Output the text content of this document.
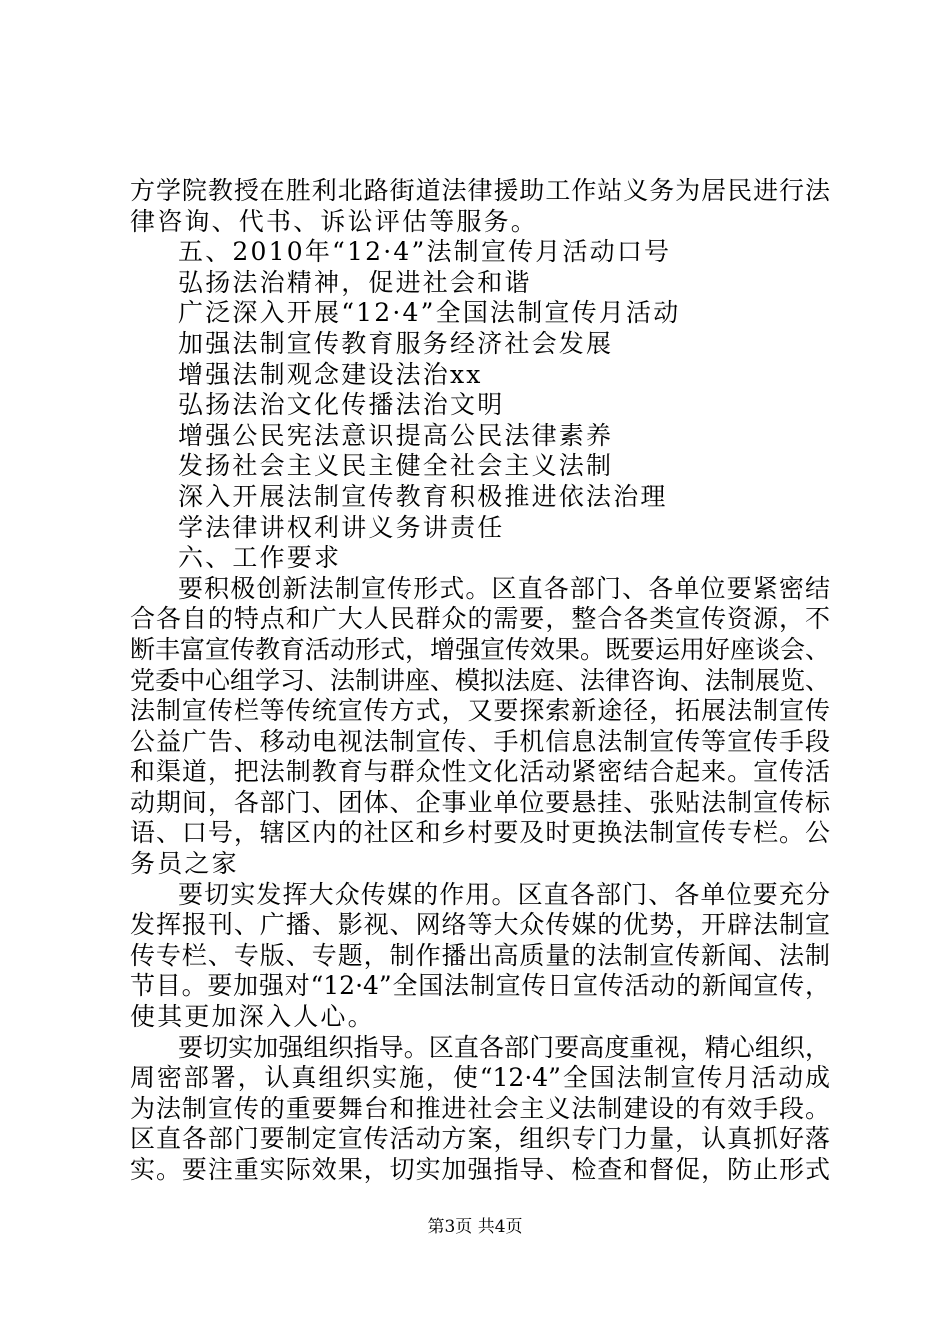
方学院教授在胜利北路街道法律援助工作站义务为居民进行法
律咨询、代书、诉讼评估等服务。
五、2010年“12·4”法制宣传月活动口号
弘扬法治精神，促进社会和谐
广泛深入开展“12·4”全国法制宣传月活动
加强法制宣传教育服务经济社会发展
增强法制观念建设法治xx
弘扬法治文化传播法治文明
增强公民宪法意识提高公民法律素养
发扬社会主义民主健全社会主义法制
深入开展法制宣传教育积极推进依法治理
学法律讲权利讲义务讲责任
六、工作要求
要积极创新法制宣传形式。区直各部门、各单位要紧密结
合各自的特点和广大人民群众的需要，整合各类宣传资源，不
断丰富宣传教育活动形式，增强宣传效果。既要运用好座谈会、
党委中心组学习、法制讲座、模拟法庭、法律咨询、法制展览、
法制宣传栏等传统宣传方式，又要探索新途径，拓展法制宣传
公益广告、移动电视法制宣传、手机信息法制宣传等宣传手段
和渠道，把法制教育与群众性文化活动紧密结合起来。宣传活
动期间，各部门、团体、企事业单位要悬挂、张贴法制宣传标
语、口号，辖区内的社区和乡村要及时更换法制宣传专栏。公
务员之家
要切实发挥大众传媒的作用。区直各部门、各单位要充分
发挥报刊、广播、影视、网络等大众传媒的优势，开辟法制宣
传专栏、专版、专题，制作播出高质量的法制宣传新闻、法制
节目。要加强对“12·4”全国法制宣传日宣传活动的新闻宣传，
使其更加深入人心。
要切实加强组织指导。区直各部门要高度重视，精心组织，
周密部署，认真组织实施，使“12·4”全国法制宣传月活动成
为法制宣传的重要舞台和推进社会主义法制建设的有效手段。
区直各部门要制定宣传活动方案，组织专门力量，认真抓好落
实。要注重实际效果，切实加强指导、检查和督促，防止形式
第3页 共4页
